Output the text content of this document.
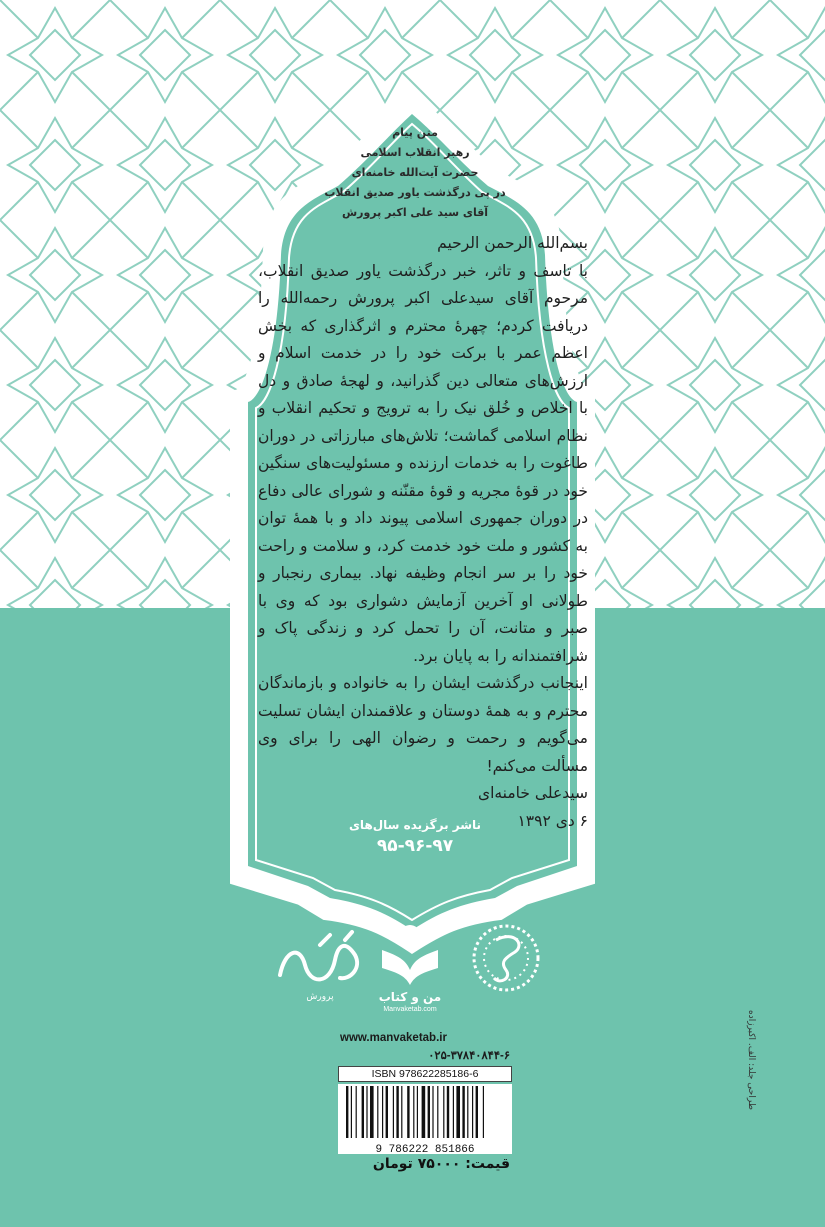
متن پیام
رهبر انقلاب اسلامی
حضرت آیت‌الله خامنه‌ای
در پی درگذشت یاور صدیق انقلاب
آقای سید علی اکبر پرورش

بسم‌الله الرحمن الرحیم

با تاسف و تاثر، خبر درگذشت یاور صدیق انقلاب، مرحوم آقای سیدعلی اکبر پرورش رحمه‌الله را دریافت کردم؛ چهرۀ محترم و اثرگذاری که بخش اعظم عمر با برکت خود را در خدمت اسلام و ارزش‌های متعالی دین گذرانید، و لهجۀ صادق و دل با اخلاص و خُلق نیک را به ترویج و تحکیم انقلاب و نظام اسلامی گماشت؛ تلاش‌های مبارزاتی در دوران طاغوت را به خدمات ارزنده و مسئولیت‌های سنگین خود در قوۀ مجریه و قوۀ مقنّنه و شورای عالی دفاع در دوران جمهوری اسلامی پیوند داد و با همۀ توان به کشور و ملت خود خدمت کرد، و سلامت و راحت خود را بر سر انجام وظیفه نهاد. بیماری رنجبار و طولانی او آخرین آزمایش دشواری بود که وی با صبر و متانت، آن را تحمل کرد و زندگی پاک و شرافتمندانه را به پایان برد.

اینجانب درگذشت ایشان را به خانواده و بازماندگان محترم و به همۀ دوستان و علاقمندان ایشان تسلیت می‌گویم و رحمت و رضوان الهی را برای وی مسألت می‌کنم!

سیدعلی خامنه‌ای

۶ دی ۱۳۹۲

ناشر برگزیده سال‌های
۹۵-۹۶-۹۷
من و کتاب
Manvaketab.com
پرورش
www.manvaketab.ir
۰۲۵-۳۷۸۴۰۸۴۴-۶
ISBN 978622285186-6
9 786222 851866
قیمت: ۷۵۰۰۰ تومان
طراحی جلد: الف. اکبرزاده
